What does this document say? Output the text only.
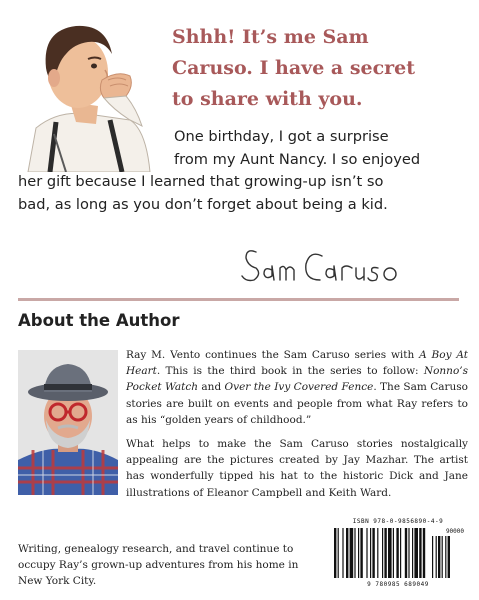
Shhh! It’s me Sam
Caruso. I have a secret
to share with you.
One birthday, I got a surprise
from my Aunt Nancy. I so enjoyed
her gift because I learned that growing-up isn’t so
bad, as long as you don’t forget about being a kid.
About the Author

Ray M. Vento continues the Sam Caruso series with A Boy At Heart. This is the third book in the series to follow: Nonno’s Pocket Watch and Over the Ivy Covered Fence. The Sam Caruso stories are built on events and people from what Ray refers to as his “golden years of childhood.”

What helps to make the Sam Caruso stories nostalgically appealing are the pictures created by Jay Mazhar. The artist has wonderfully tipped his hat to the historic Dick and Jane illustrations of Eleanor Campbell and Keith Ward.

Writing, genealogy research, and travel continue to occupy Ray’s grown-up adventures from his home in New York City.
ISBN 978-0-9856890-4-9
90000
9 780985 689049
